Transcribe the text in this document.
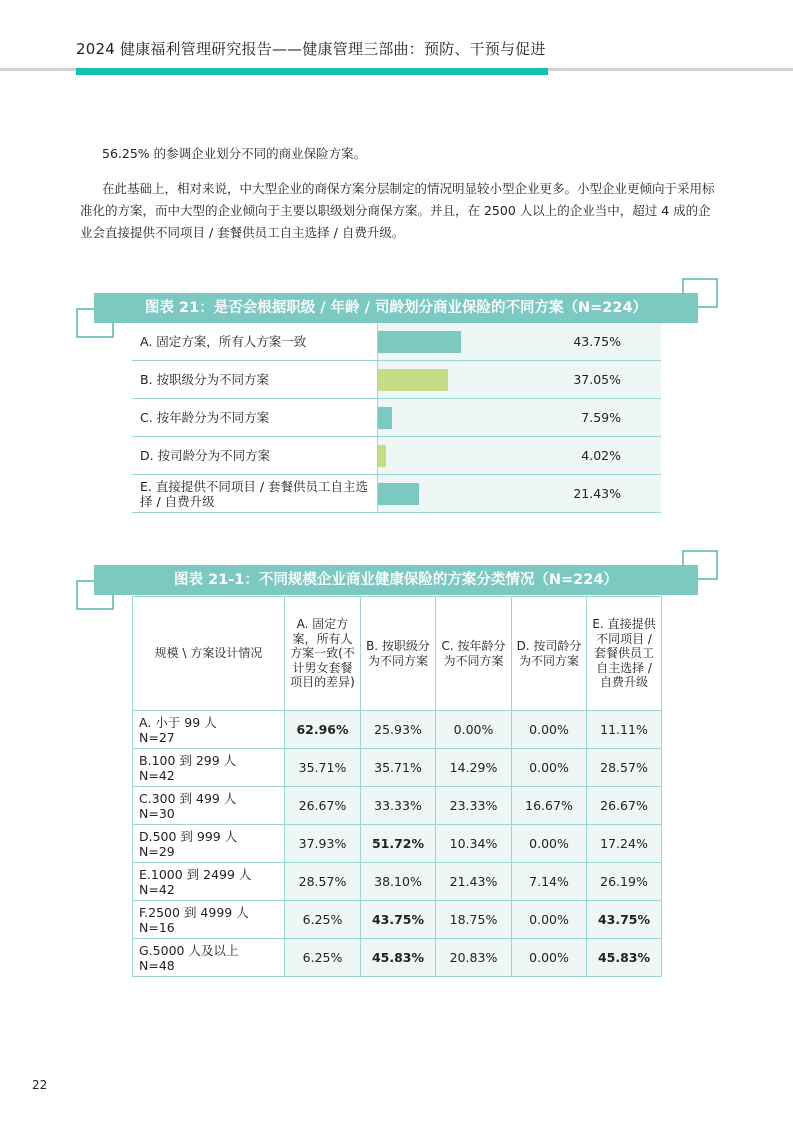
2024 健康福利管理研究报告——健康管理三部曲：预防、干预与促进

56.25% 的参调企业划分不同的商业保险方案。

在此基础上，相对来说，中大型企业的商保方案分层制定的情况明显较小型企业更多。小型企业更倾向于采用标准化的方案，而中大型的企业倾向于主要以职级划分商保方案。并且，在 2500 人以上的企业当中，超过 4 成的企业会直接提供不同项目 / 套餐供员工自主选择 / 自费升级。

图表 21：是否会根据职级 / 年龄 / 司龄划分商业保险的不同方案（N=224）
A. 固定方案，所有人方案一致	43.75%
B. 按职级分为不同方案	37.05%
C. 按年龄分为不同方案	7.59%
D. 按司龄分为不同方案	4.02%
E. 直接提供不同项目 / 套餐供员工自主选择 / 自费升级	21.43%
图表 21-1：不同规模企业商业健康保险的方案分类情况（N=224）
规模 \ 方案设计情况	A. 固定方案，所有人方案一致(不计男女套餐项目的差异)	B. 按职级分为不同方案	C. 按年龄分为不同方案	D. 按司龄分为不同方案	E. 直接提供不同项目 / 套餐供员工自主选择 / 自费升级

A. 小于 99 人
N=27	62.96%	25.93%	0.00%	0.00%	11.11%

B.100 到 299 人
N=42	35.71%	35.71%	14.29%	0.00%	28.57%

C.300 到 499 人
N=30	26.67%	33.33%	23.33%	16.67%	26.67%

D.500 到 999 人
N=29	37.93%	51.72%	10.34%	0.00%	17.24%

E.1000 到 2499 人
N=42	28.57%	38.10%	21.43%	7.14%	26.19%

F.2500 到 4999 人
N=16	6.25%	43.75%	18.75%	0.00%	43.75%

G.5000 人及以上
N=48	6.25%	45.83%	20.83%	0.00%	45.83%
22
